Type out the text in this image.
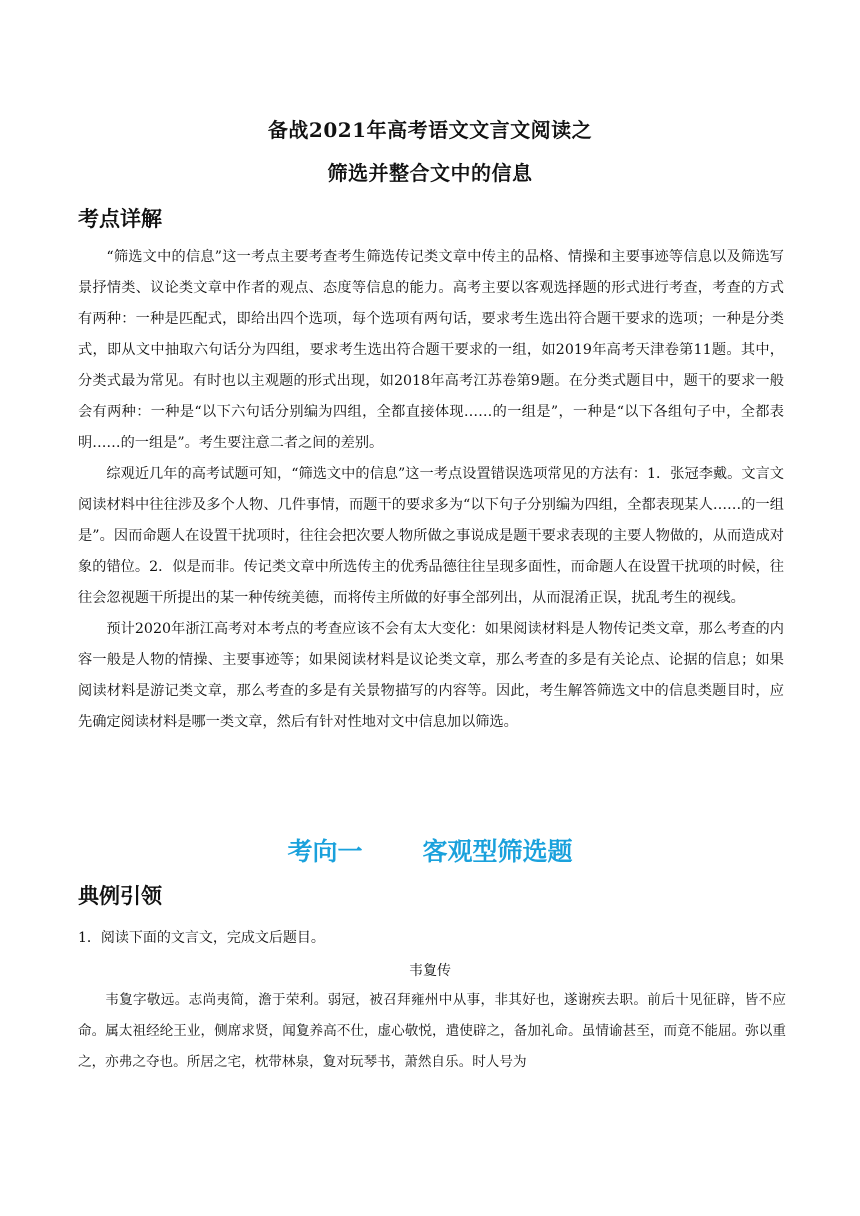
备战2021年高考语文文言文阅读之
筛选并整合文中的信息
考点详解

“筛选文中的信息”这一考点主要考查考生筛选传记类文章中传主的品格、情操和主要事迹等信息以及筛选写景抒情类、议论类文章中作者的观点、态度等信息的能力。高考主要以客观选择题的形式进行考查，考查的方式有两种：一种是匹配式，即给出四个选项，每个选项有两句话，要求考生选出符合题干要求的选项；一种是分类式，即从文中抽取六句话分为四组，要求考生选出符合题干要求的一组，如2019年高考天津卷第11题。其中，分类式最为常见。有时也以主观题的形式出现，如2018年高考江苏卷第9题。在分类式题目中，题干的要求一般会有两种：一种是“以下六句话分别编为四组，全都直接体现……的一组是”，一种是“以下各组句子中，全都表明……的一组是”。考生要注意二者之间的差别。

综观近几年的高考试题可知，“筛选文中的信息”这一考点设置错误选项常见的方法有：1．张冠李戴。文言文阅读材料中往往涉及多个人物、几件事情，而题干的要求多为“以下句子分别编为四组，全都表现某人……的一组是”。因而命题人在设置干扰项时，往往会把次要人物所做之事说成是题干要求表现的主要人物做的，从而造成对象的错位。2．似是而非。传记类文章中所选传主的优秀品德往往呈现多面性，而命题人在设置干扰项的时候，往往会忽视题干所提出的某一种传统美德，而将传主所做的好事全部列出，从而混淆正误，扰乱考生的视线。

预计2020年浙江高考对本考点的考查应该不会有太大变化：如果阅读材料是人物传记类文章，那么考查的内容一般是人物的情操、主要事迹等；如果阅读材料是议论类文章，那么考查的多是有关论点、论据的信息；如果阅读材料是游记类文章，那么考查的多是有关景物描写的内容等。因此，考生解答筛选文中的信息类题目时，应先确定阅读材料是哪一类文章，然后有针对性地对文中信息加以筛选。

考向一 客观型筛选题
典例引领
1．阅读下面的文言文，完成文后题目。
韦夐传

韦夐字敬远。志尚夷简，澹于荣利。弱冠，被召拜雍州中从事，非其好也，遂谢疾去职。前后十见征辟，皆不应命。属太祖经纶王业，侧席求贤，闻夐养高不仕，虚心敬悦，遣使辟之，备加礼命。虽情谕甚至，而竟不能屈。弥以重之，亦弗之夺也。所居之宅，枕带林泉，夐对玩琴书，萧然自乐。时人号为
